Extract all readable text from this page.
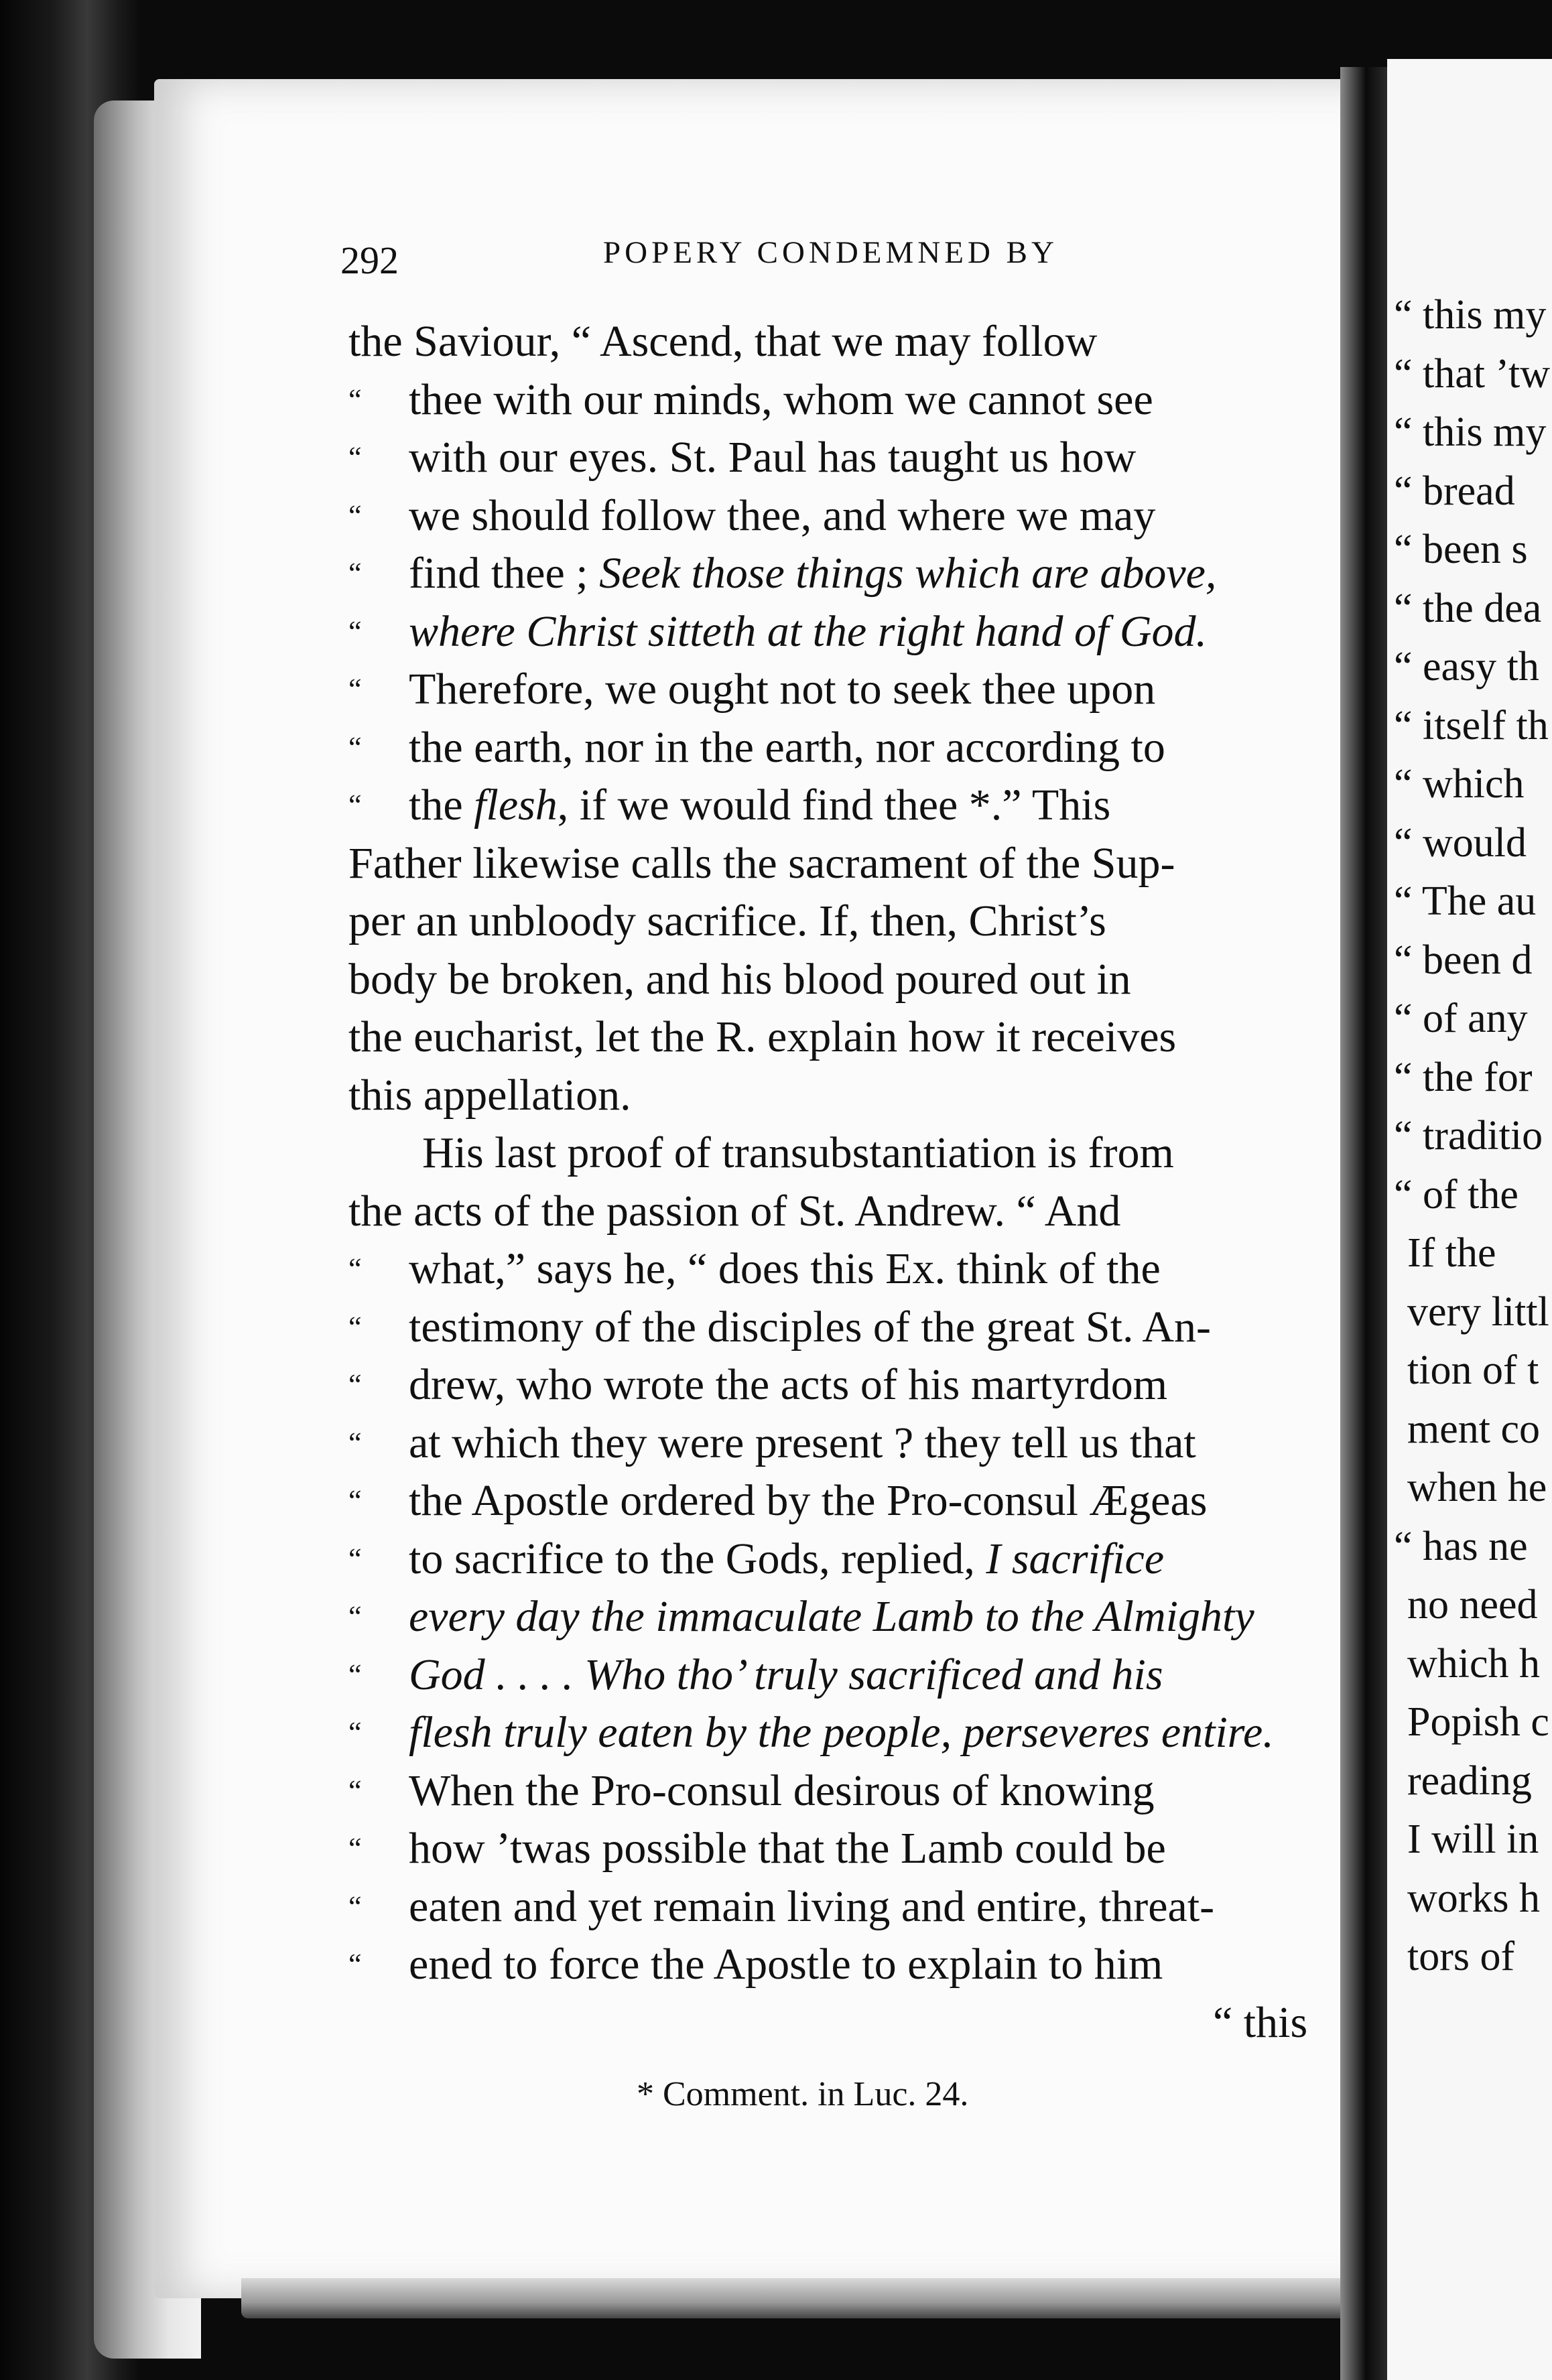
292	POPERY CONDEMNED BY
the Saviour, “ Ascend, that we may follow
“ thee with our minds, whom we cannot see
“ with our eyes. St. Paul has taught us how
“ we should follow thee, and where we may
“ find thee ; Seek those things which are above,
“ where Christ sitteth at the right hand of God.
“ Therefore, we ought not to seek thee upon
“ the earth, nor in the earth, nor according to
“ the flesh, if we would find thee *.” This
Father likewise calls the sacrament of the Sup-
per an unbloody sacrifice. If, then, Christ’s
body be broken, and his blood poured out in
the eucharist, let the R. explain how it receives
this appellation.
His last proof of transubstantiation is from
the acts of the passion of St. Andrew. “ And
“ what,” says he, “ does this Ex. think of the
“ testimony of the disciples of the great St. An-
“ drew, who wrote the acts of his martyrdom
“ at which they were present ? they tell us that
“ the Apostle ordered by the Pro-consul Ægeas
“ to sacrifice to the Gods, replied, I sacrifice
“ every day the immaculate Lamb to the Almighty
“ God . . . . Who tho’ truly sacrificed and his
“ flesh truly eaten by the people, perseveres entire.
“ When the Pro-consul desirous of knowing
“ how ’twas possible that the Lamb could be
“ eaten and yet remain living and entire, threat-
“ ened to force the Apostle to explain to him
“ this
* Comment. in Luc. 24.
“ this my
“ that ’tw
“ this my
“ bread
“ been s
“ the dea
“ easy th
“ itself th
“ which
“ would
“ The au
“ been d
“ of any
“ the for
“ traditio
“ of the
If the
very littl
tion of t
ment co
when he
“ has ne
no need
which h
Popish c
reading
I will in
works h
tors of
